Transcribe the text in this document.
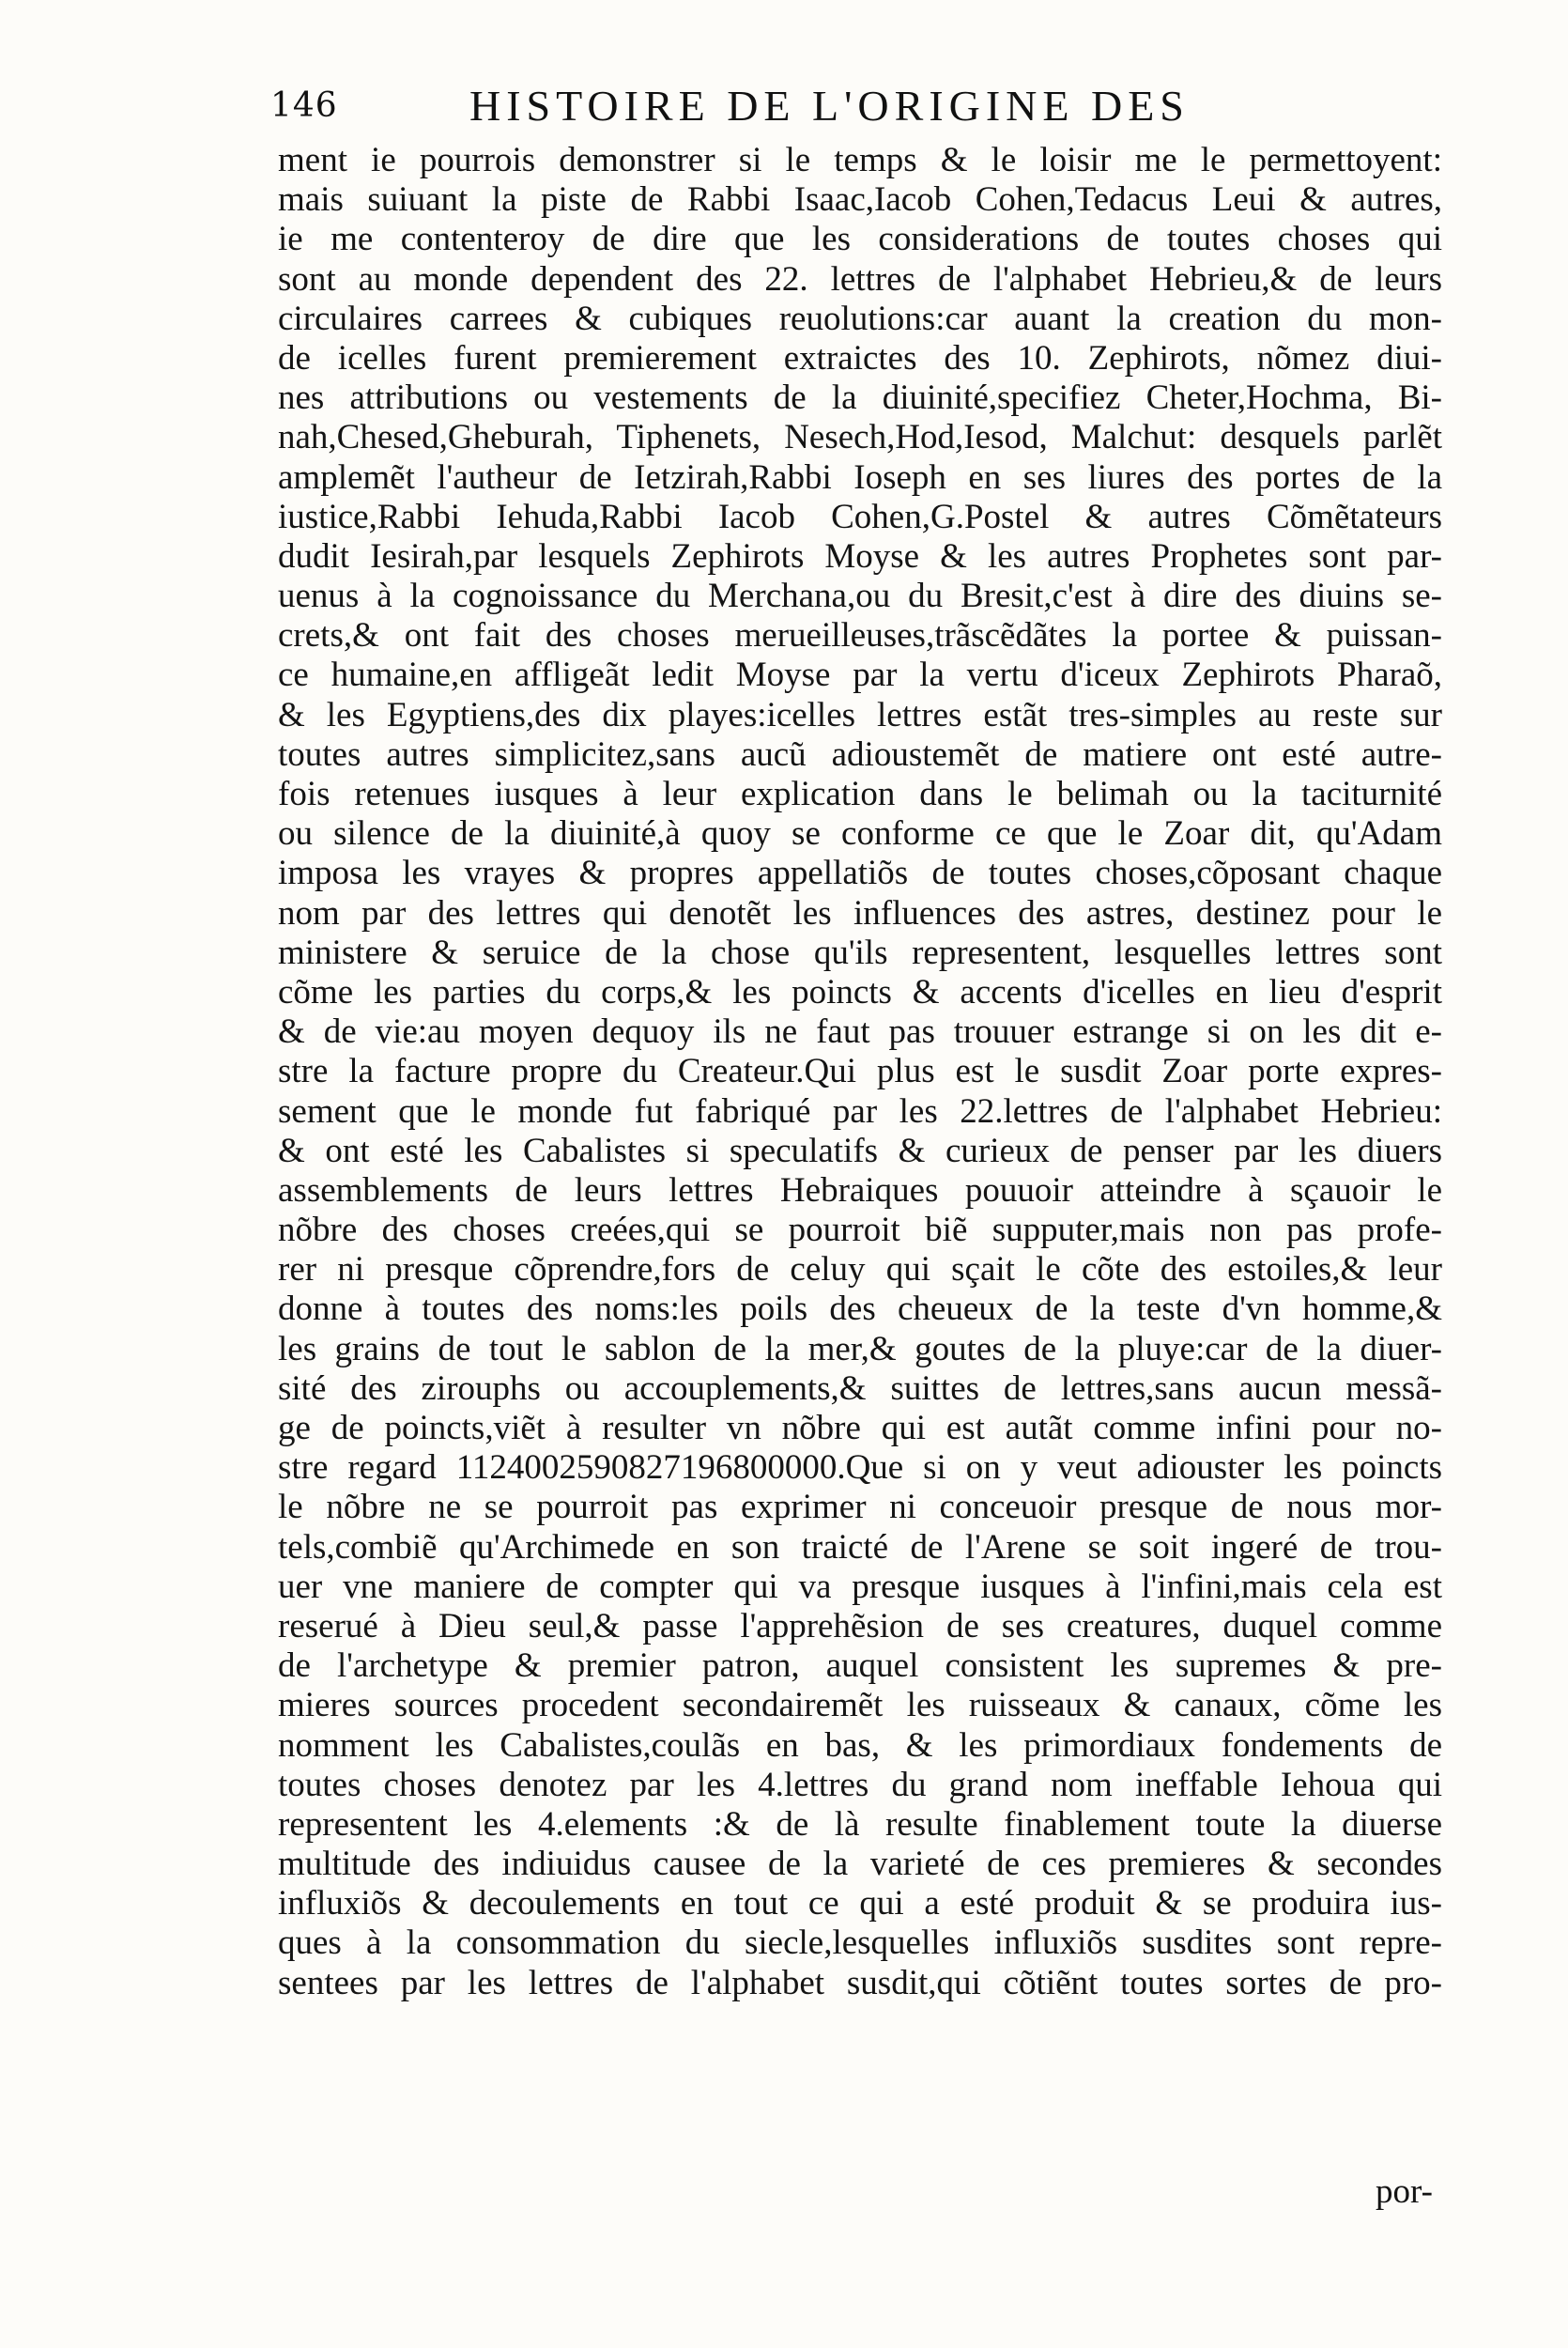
146	HISTOIRE DE L'ORIGINE DES
ment ie pourrois demonstrer si le temps & le loisir me le permettoyent:
mais suiuant la piste de Rabbi Isaac,Iacob Cohen,Tedacus Leui & autres,
ie me contenteroy de dire que les considerations de toutes choses qui
sont au monde dependent des 22. lettres de l'alphabet Hebrieu,& de leurs
circulaires carrees & cubiques reuolutions:car auant la creation du mon-
de icelles furent premierement extraictes des 10. Zephirots, nõmez diui-
nes attributions ou vestements de la diuinité,specifiez Cheter,Hochma, Bi-
nah,Chesed,Gheburah, Tiphenets, Nesech,Hod,Iesod, Malchut: desquels parlẽt
amplemẽt l'autheur de Ietzirah,Rabbi Ioseph en ses liures des portes de la
iustice,Rabbi Iehuda,Rabbi Iacob Cohen,G.Postel & autres Cõmẽtateurs
dudit Iesirah,par lesquels Zephirots Moyse & les autres Prophetes sont par-
uenus à la cognoissance du Merchana,ou du Bresit,c'est à dire des diuins se-
crets,& ont fait des choses merueilleuses,trãscẽdãtes la portee & puissan-
ce humaine,en affligeãt ledit Moyse par la vertu d'iceux Zephirots Pharaõ,
& les Egyptiens,des dix playes:icelles lettres estãt tres-simples au reste sur
toutes autres simplicitez,sans aucũ adioustemẽt de matiere ont esté autre-
fois retenues iusques à leur explication dans le belimah ou la taciturnité
ou silence de la diuinité,à quoy se conforme ce que le Zoar dit, qu'Adam
imposa les vrayes & propres appellatiõs de toutes choses,cõposant chaque
nom par des lettres qui denotẽt les influences des astres, destinez pour le
ministere & seruice de la chose qu'ils representent, lesquelles lettres sont
cõme les parties du corps,& les poincts & accents d'icelles en lieu d'esprit
& de vie:au moyen dequoy ils ne faut pas trouuer estrange si on les dit e-
stre la facture propre du Createur.Qui plus est le susdit Zoar porte expres-
sement que le monde fut fabriqué par les 22.lettres de l'alphabet Hebrieu:
& ont esté les Cabalistes si speculatifs & curieux de penser par les diuers
assemblements de leurs lettres Hebraiques pouuoir atteindre à sçauoir le
nõbre des choses creées,qui se pourroit biẽ supputer,mais non pas profe-
rer ni presque cõprendre,fors de celuy qui sçait le cõte des estoiles,& leur
donne à toutes des noms:les poils des cheueux de la teste d'vn homme,&
les grains de tout le sablon de la mer,& goutes de la pluye:car de la diuer-
sité des zirouphs ou accouplements,& suittes de lettres,sans aucun messã-
ge de poincts,viẽt à resulter vn nõbre qui est autãt comme infini pour no-
stre regard 1124002590827196800000.Que si on y veut adiouster les poincts
le nõbre ne se pourroit pas exprimer ni conceuoir presque de nous mor-
tels,combiẽ qu'Archimede en son traicté de l'Arene se soit ingeré de trou-
uer vne maniere de compter qui va presque iusques à l'infini,mais cela est
reserué à Dieu seul,& passe l'apprehẽsion de ses creatures, duquel comme
de l'archetype & premier patron, auquel consistent les supremes & pre-
mieres sources procedent secondairemẽt les ruisseaux & canaux, cõme les
nomment les Cabalistes,coulãs en bas, & les primordiaux fondements de
toutes choses denotez par les 4.lettres du grand nom ineffable Iehoua qui
representent les 4.elements :& de là resulte finablement toute la diuerse
multitude des indiuidus causee de la varieté de ces premieres & secondes
influxiõs & decoulements en tout ce qui a esté produit & se produira ius-
ques à la consommation du siecle,lesquelles influxiõs susdites sont repre-
sentees par les lettres de l'alphabet susdit,qui cõtiẽnt toutes sortes de pro-
por-
